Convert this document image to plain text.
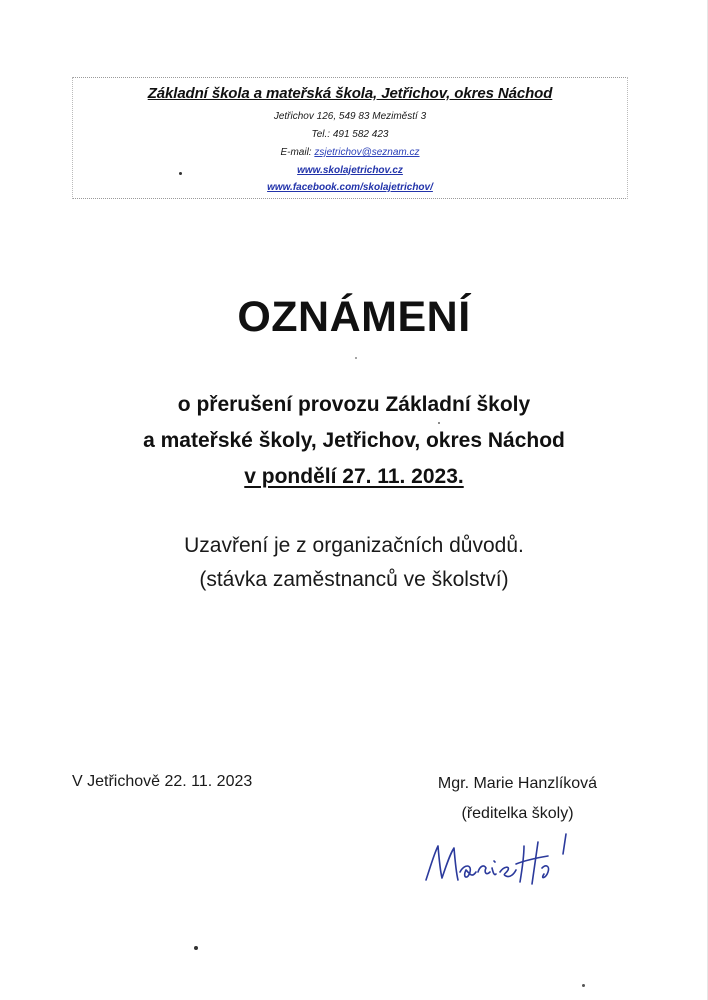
Základní škola a mateřská škola, Jetřichov, okres Náchod
Jetřichov 126, 549 83 Meziměstí 3
Tel.: 491 582 423
E-mail: zsjetrichov@seznam.cz
www.skolajetrichov.cz
www.facebook.com/skolajetrichov/
OZNÁMENÍ
o přerušení provozu Základní školy
a mateřské školy, Jetřichov, okres Náchod
v pondělí 27. 11. 2023.
Uzavření je z organizačních důvodů.
(stávka zaměstnanců ve školství)
V Jetřichově 22. 11. 2023	Mgr. Marie Hanzlíková
(ředitelka školy)
